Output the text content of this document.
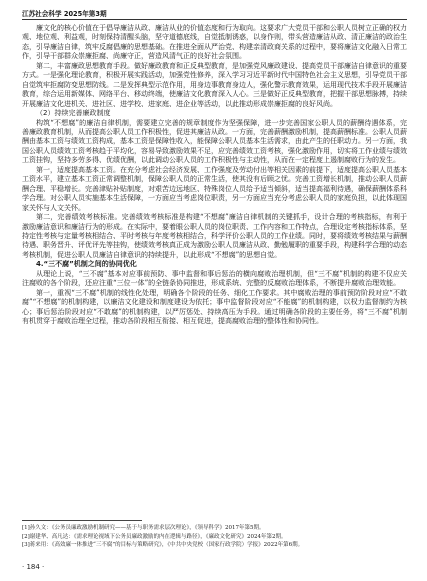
江苏社会科学 2025年第3期

廉文化的核心价值在于倡导廉洁从政、廉洁从业的价值态度和行为取向。这要求广大党员干部和公职人员树立正确的权力观、地位观、利益观，时刻保持清醒头脑，坚守道德底线，自觉抵制诱惑，以身作则，带头营造廉洁从政、清正廉洁的政治生态，引导廉洁自律，筑牢反腐倡廉的思想基础。在推进全面从严治党、构建亲清政商关系的过程中，要将廉洁文化融入日常工作，引导干部群众崇廉拒腐、尚廉守正，营造风清气正的良好社会氛围。

第二，丰富廉政思想教育手段。做好廉政教育和正反典型教育，是加强党风廉政建设、提高党员干部廉洁自律意识的重要方式。一是强化理论教育，积极开展实践活动，加强党性修养，深入学习习近平新时代中国特色社会主义思想，引导党员干部自觉筑牢拒腐防变思想防线。二是发挥典型示范作用，用身边事教育身边人，强化警示教育效果，运用现代技术手段开展廉洁教育，综合运用新媒体、网络平台、移动终端，使廉洁文化教育深入人心。三是做好正反典型教育，把握干部思想脉搏，持续开展廉洁文化进机关、进社区、进学校、进家庭、进企业等活动，以此推动形成崇廉拒腐的良好风尚。

（2）持续完善廉政制度

构筑“不想腐”的廉洁自律机制，需要建立完善的规章制度作为坚强保障，进一步完善国家公职人员的薪酬待遇体系，完善廉政教育机制，从而提高公职人员工作积极性，促进其廉洁从政。一方面，完善薪酬激励机制，提高薪酬标准。公职人员薪酬由基本工资与绩效工资构成，基本工资是保障性收入，能保障公职人员基本生活需求，由此产生的任职动力。另一方面，我国公职人员绩效工资考核趋于平均化，容易导致激励效果不足，应完善绩效工资考核，强化激励作用，切实将工作业绩与绩效工资挂钩，坚持多劳多得、优绩优酬，以此调动公职人员的工作积极性与主动性，从而在一定程度上遏制腐败行为的发生。

第一，适度提高基本工资。在充分考虑社会经济发展、工作强度及劳动付出等相关因素的前提下，适度提高公职人员基本工资水平，建立基本工资正常调整机制，保障公职人员的正常生活，使其没有后顾之忧。完善工资增长机制，推动公职人员薪酬合理、平稳增长。完善津贴补贴制度，对艰苦边远地区、特殊岗位人员给予适当倾斜，适当提高福利待遇，确保薪酬体系科学合理。对公职人员实施基本生活保障，一方面应当考虑岗位职责，另一方面应当充分考虑公职人员的家庭负担，以此体现国家关怀与人文关怀。

第二，完善绩效考核标准。完善绩效考核标准是构建“不想腐”廉洁自律机制的关键抓手，设计合理的考核指标，有利于激励廉洁意识和廉洁行为的形成。在实际中，要着眼公职人员的岗位职责、工作内容和工作特点，合理设定考核指标体系，坚持定性考核与定量考核相结合、平时考核与年度考核相结合，科学评价公职人员的工作业绩。同时，要将绩效考核结果与薪酬待遇、职务晋升、评优评先等挂钩，使绩效考核真正成为激励公职人员廉洁从政、勤勉履职的重要手段，构建科学合理的动态考核机制，促进公职人员廉洁自律意识的持续提升，以此形成“不想腐”的思想自觉。

4.“三不腐”机制之间的协同优化

从理论上说，“三不腐”基本对应事前预防、事中监督和事后惩治的横向腐败治理机制，但“三不腐”机制的构建不仅应关注腐败的各个阶段，还应注重“三位一体”的全链条协同推进，形成系统、完整的反腐败治理体系，不断提升腐败治理效能。

第一，重视“三不腐”机制的线性化处理，明确各个阶段的任务、细化工作要求。其中腐败治理的事前预防阶段对应“不敢腐”“不想腐”的机制构建，以廉洁文化建设和制度建设为依托；事中监督阶段对应“不能腐”的机制构建，以权力监督制约为核心；事后惩治阶段对应“不敢腐”的机制构建，以严厉惩处、持续高压为手段。通过明确各阶段的主要任务，将“三不腐”机制有机贯穿于腐败治理全过程，推动各阶段相互衔接、相互促进，提高腐败治理的整体性和协同性。

[1]孙久文：《公务员廉政激励机制研究——基于与职务需求层次理论》，《领导科学》2017年第5期。
[2]谢建华、高凡达：《需求理论视域下公务员廉政激励的内在逻辑与路径》，《廉政文化研究》2024年第2期。
[3]蒋来用：《高效廉一体推进“三不腐”的目标与策略研究》，《中共中央党校（国家行政学院）学报》2022年第6期。
· 184 ·
